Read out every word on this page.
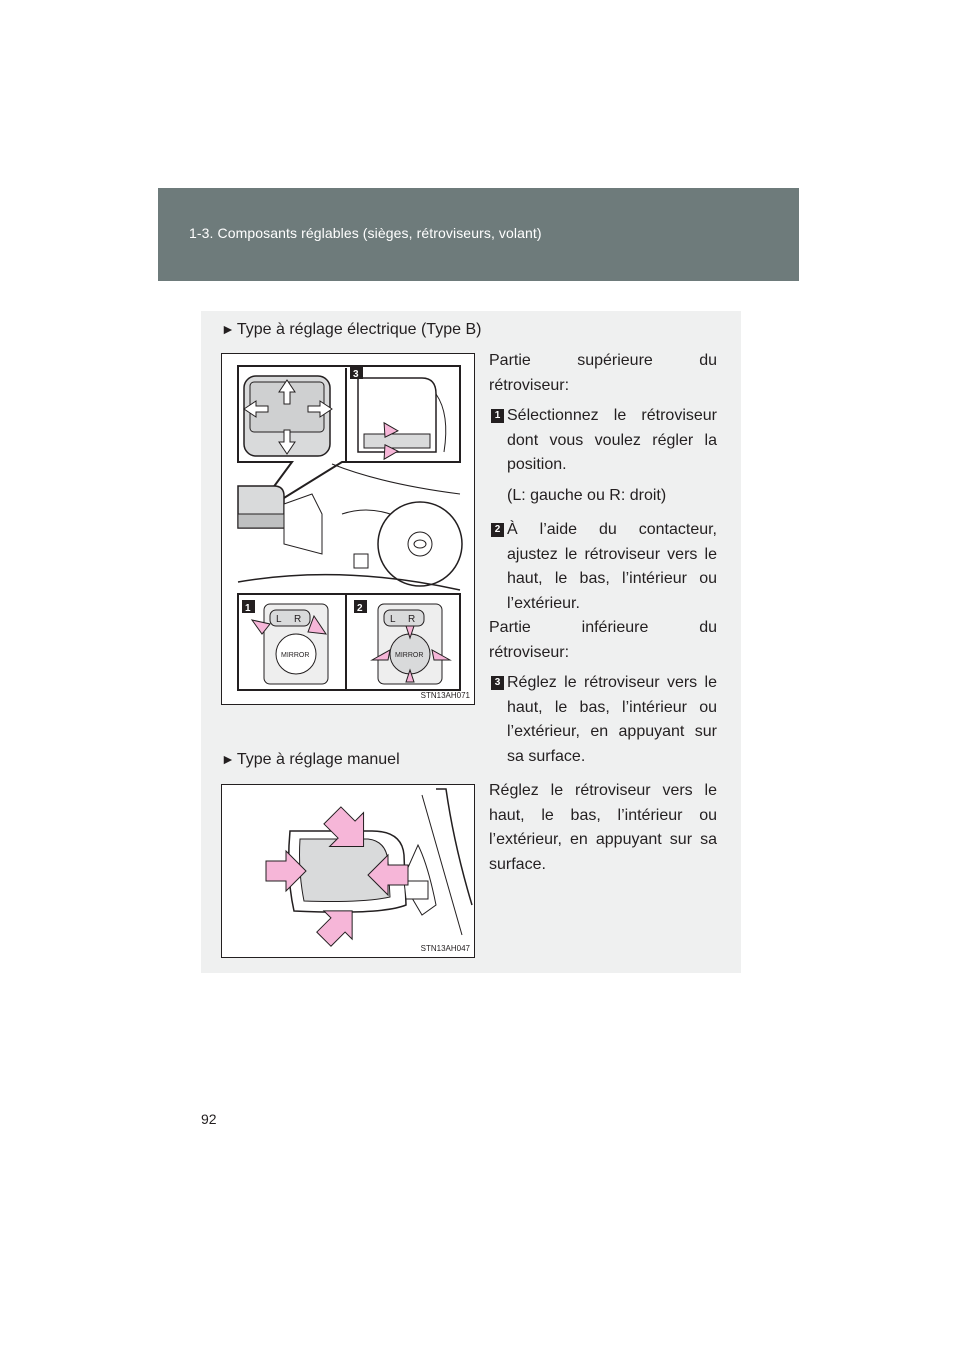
1-3. Composants réglables (sièges, rétroviseurs, volant)
► Type à réglage électrique (Type B)
3
1	2
L R
MIRROR
L R
MIRROR
STN13AH071
Partie supérieure du
rétroviseur:
1 Sélectionnez le rétroviseur dont vous voulez régler la position.
(L: gauche ou R: droit)
2 À l’aide du contacteur, ajustez le rétroviseur vers le haut, le bas, l’intérieur ou l’extérieur.
Partie inférieure du
rétroviseur:
3 Réglez le rétroviseur vers le haut, le bas, l’intérieur ou l’extérieur, en appuyant sur sa surface.
► Type à réglage manuel
STN13AH047
Réglez le rétroviseur vers le haut, le bas, l’intérieur ou l’extérieur, en appuyant sur sa surface.
92
